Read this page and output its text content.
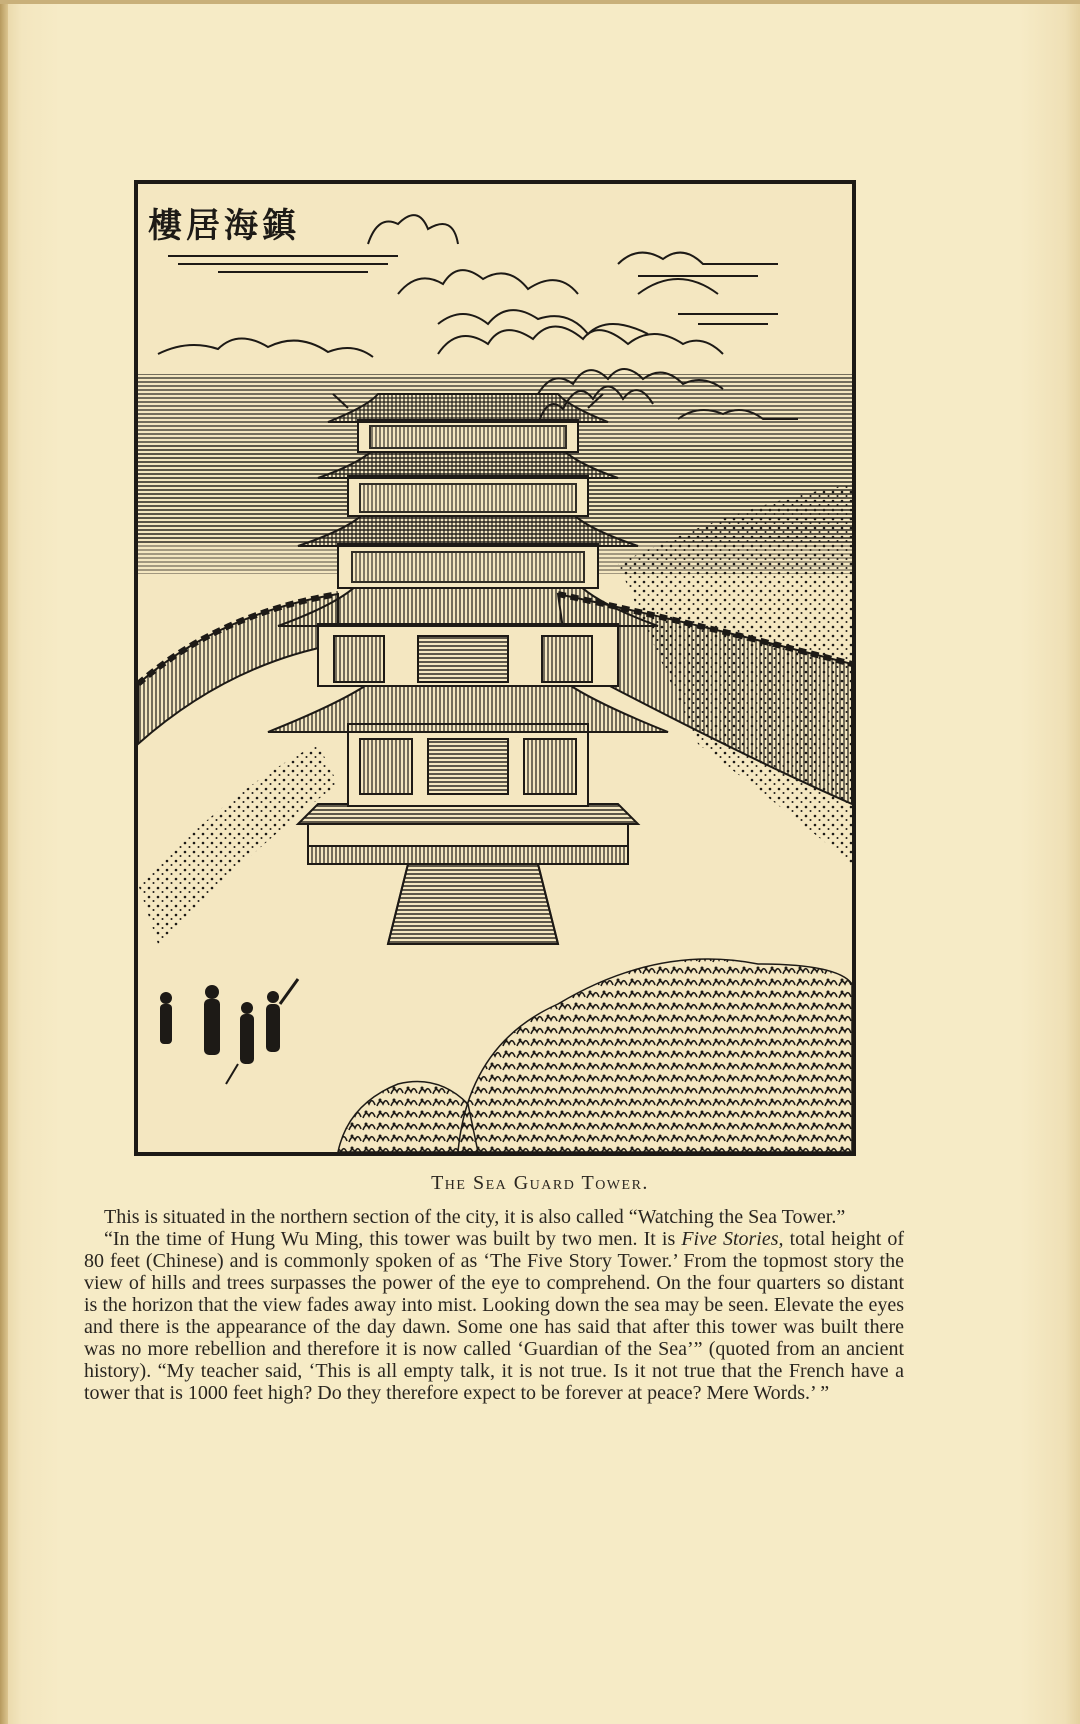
樓居海鎮
The Sea Guard Tower.

This is situated in the northern section of the city, it is also called “Watching the Sea Tower.”

“In the time of Hung Wu Ming, this tower was built by two men. It is Five Stories, total height of 80 feet (Chinese) and is commonly spoken of as ‘The Five Story Tower.’ From the topmost story the view of hills and trees surpasses the power of the eye to comprehend. On the four quarters so distant is the horizon that the view fades away into mist. Looking down the sea may be seen. Elevate the eyes and there is the appearance of the day dawn. Some one has said that after this tower was built there was no more rebellion and therefore it is now called ‘Guardian of the Sea’” (quoted from an ancient history). “My teacher said, ‘This is all empty talk, it is not true. Is it not true that the French have a tower that is 1000 feet high? Do they therefore expect to be forever at peace? Mere Words.’ ”
